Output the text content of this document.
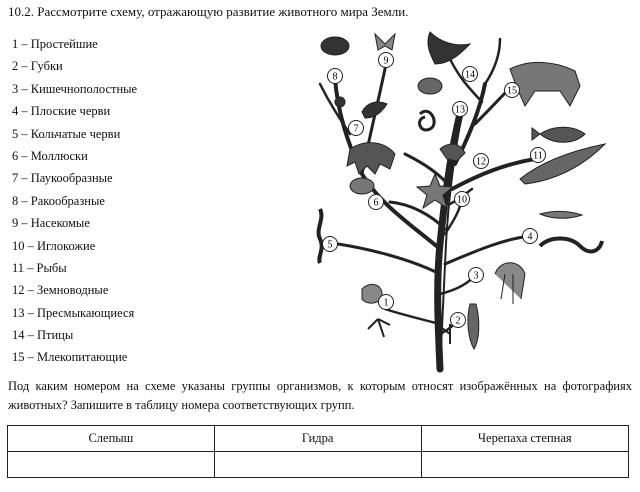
10.2. Рассмотрите схему, отражающую развитие животного мира Земли.
1 – Простейшие
2 – Губки
3 – Кишечнополостные
4 – Плоские черви
5 – Кольчатые черви
6 – Моллюски
7 – Паукообразные
8 – Ракообразные
9 – Насекомые
10 – Иглокожие
11 – Рыбы
12 – Земноводные
13 – Пресмыкающиеся
14 – Птицы
15 – Млекопитающие
1
2
3
4
5
6
7
8
9
10
11
12
13
14
15
Под каким номером на схеме указаны группы организмов, к которым относят изображённых на фотографиях животных? Запишите в таблицу номера соответствующих групп.
Слепыш	Гидра	Черепаха степная
